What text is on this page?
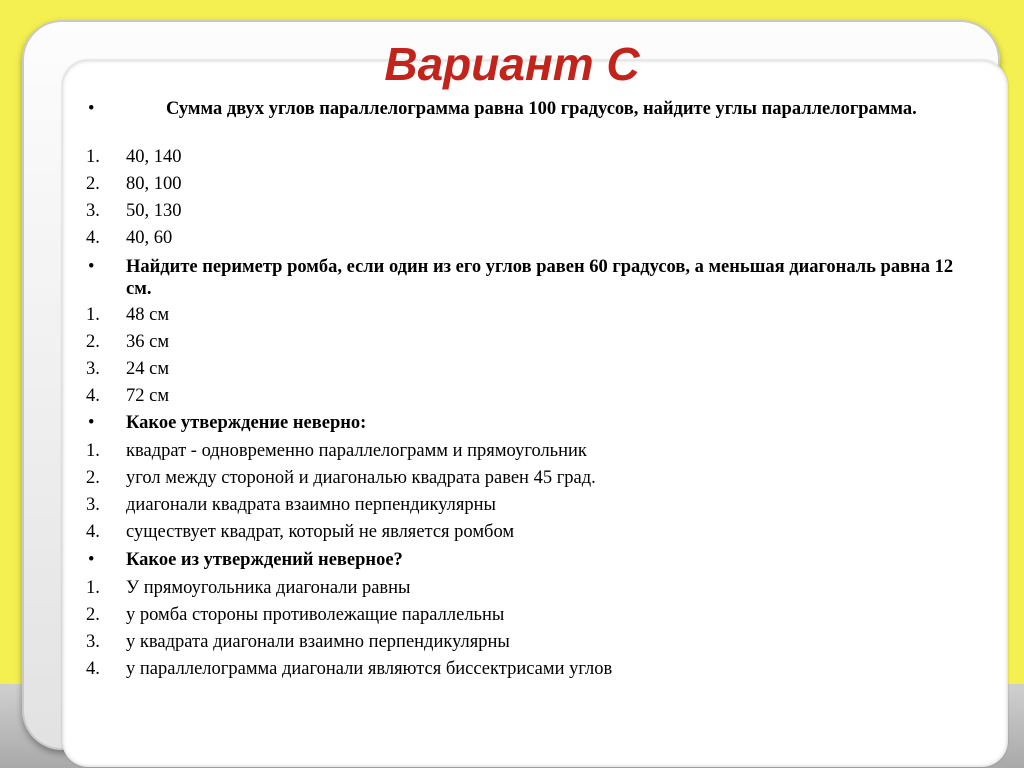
Вариант С
•	Сумма двух углов параллелограмма равна 100 градусов, найдите углы параллелограмма.
1. 40, 140
2. 80, 100
3. 50, 130
4. 40, 60
• Найдите периметр ромба, если один из его углов равен 60 градусов, а меньшая диагональ равна 12 см.
1. 48 см
2. 36 см
3. 24 см
4. 72 см
• Какое утверждение неверно:
1. квадрат - одновременно параллелограмм и прямоугольник
2. угол между стороной и диагональю квадрата равен 45 град.
3. диагонали квадрата взаимно перпендикулярны
4. существует квадрат, который не является ромбом
• Какое из утверждений неверное?
1. У прямоугольника диагонали равны
2. у ромба стороны противолежащие параллельны
3. у квадрата диагонали взаимно перпендикулярны
4. у параллелограмма диагонали являются биссектрисами углов
